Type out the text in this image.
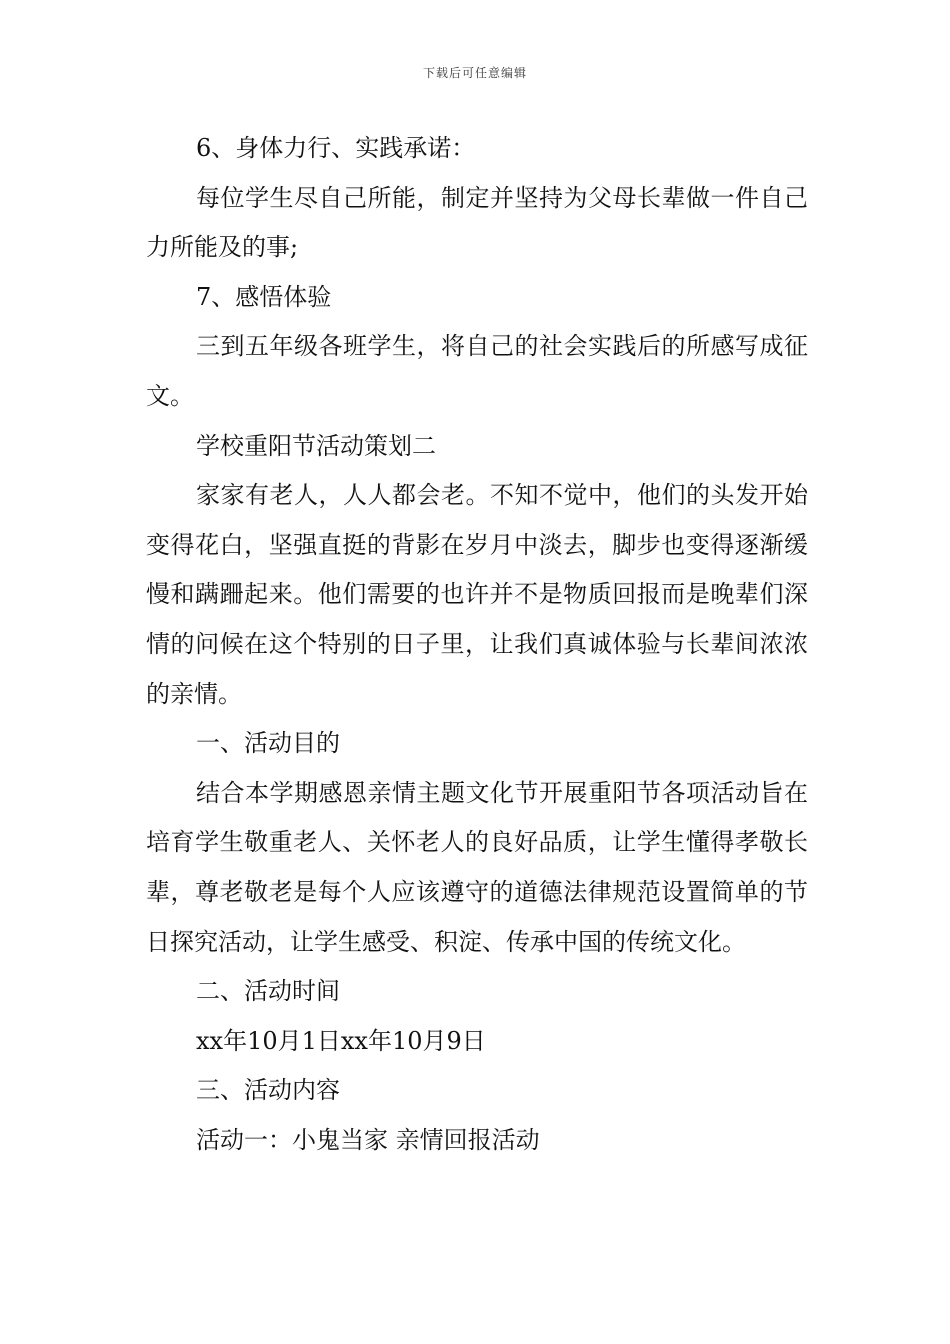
下载后可任意编辑

6、身体力行、实践承诺：

每位学生尽自己所能，制定并坚持为父母长辈做一件自己力所能及的事;

7、感悟体验

三到五年级各班学生，将自己的社会实践后的所感写成征文。

学校重阳节活动策划二

家家有老人，人人都会老。不知不觉中，他们的头发开始变得花白，坚强直挺的背影在岁月中淡去，脚步也变得逐渐缓慢和蹒跚起来。他们需要的也许并不是物质回报而是晚辈们深情的问候在这个特别的日子里，让我们真诚体验与长辈间浓浓的亲情。

一、活动目的

结合本学期感恩亲情主题文化节开展重阳节各项活动旨在培育学生敬重老人、关怀老人的良好品质，让学生懂得孝敬长辈，尊老敬老是每个人应该遵守的道德法律规范设置简单的节日探究活动，让学生感受、积淀、传承中国的传统文化。

二、活动时间

xx年10月1日xx年10月9日

三、活动内容

活动一：小鬼当家 亲情回报活动
